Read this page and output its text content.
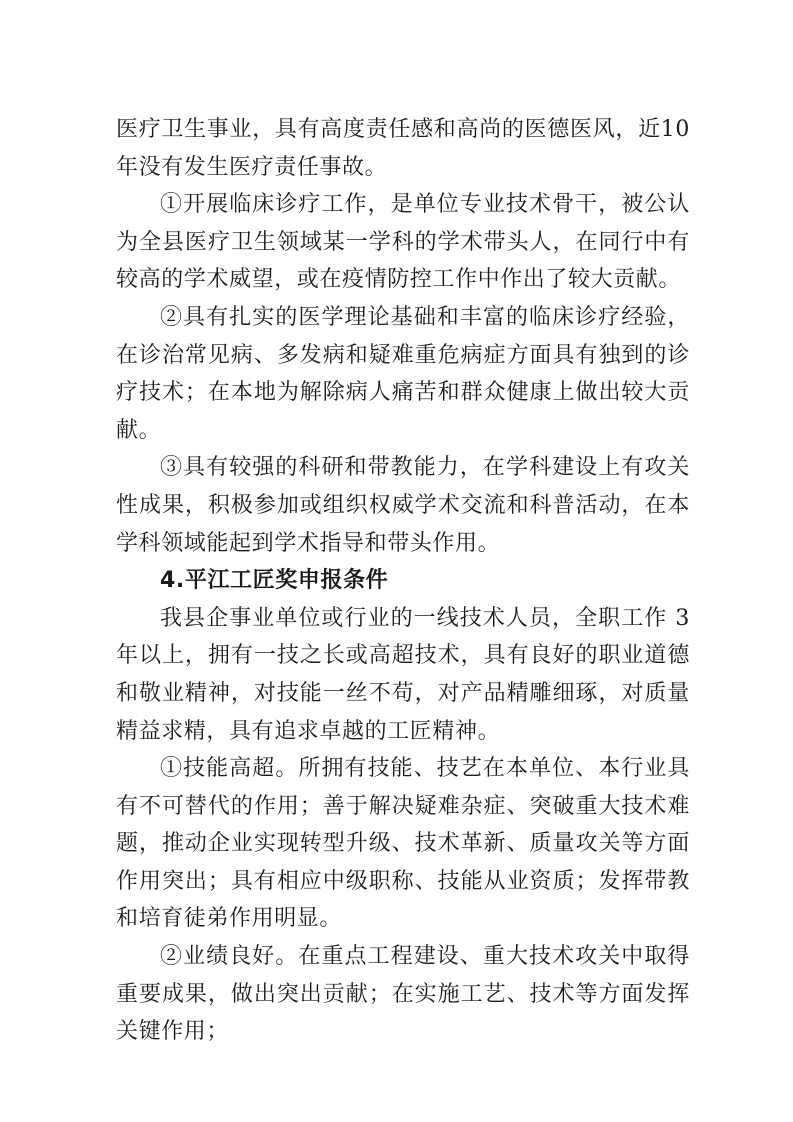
医疗卫生事业，具有高度责任感和高尚的医德医风，近10年没有发生医疗责任事故。

①开展临床诊疗工作，是单位专业技术骨干，被公认为全县医疗卫生领域某一学科的学术带头人，在同行中有较高的学术威望，或在疫情防控工作中作出了较大贡献。

②具有扎实的医学理论基础和丰富的临床诊疗经验，在诊治常见病、多发病和疑难重危病症方面具有独到的诊疗技术；在本地为解除病人痛苦和群众健康上做出较大贡献。

③具有较强的科研和带教能力，在学科建设上有攻关性成果，积极参加或组织权威学术交流和科普活动，在本学科领域能起到学术指导和带头作用。

4.平江工匠奖申报条件

我县企事业单位或行业的一线技术人员，全职工作 3 年以上，拥有一技之长或高超技术，具有良好的职业道德和敬业精神，对技能一丝不苟，对产品精雕细琢，对质量精益求精，具有追求卓越的工匠精神。

①技能高超。所拥有技能、技艺在本单位、本行业具有不可替代的作用；善于解决疑难杂症、突破重大技术难题，推动企业实现转型升级、技术革新、质量攻关等方面作用突出；具有相应中级职称、技能从业资质；发挥带教和培育徒弟作用明显。

②业绩良好。在重点工程建设、重大技术攻关中取得重要成果，做出突出贡献；在实施工艺、技术等方面发挥关键作用；
